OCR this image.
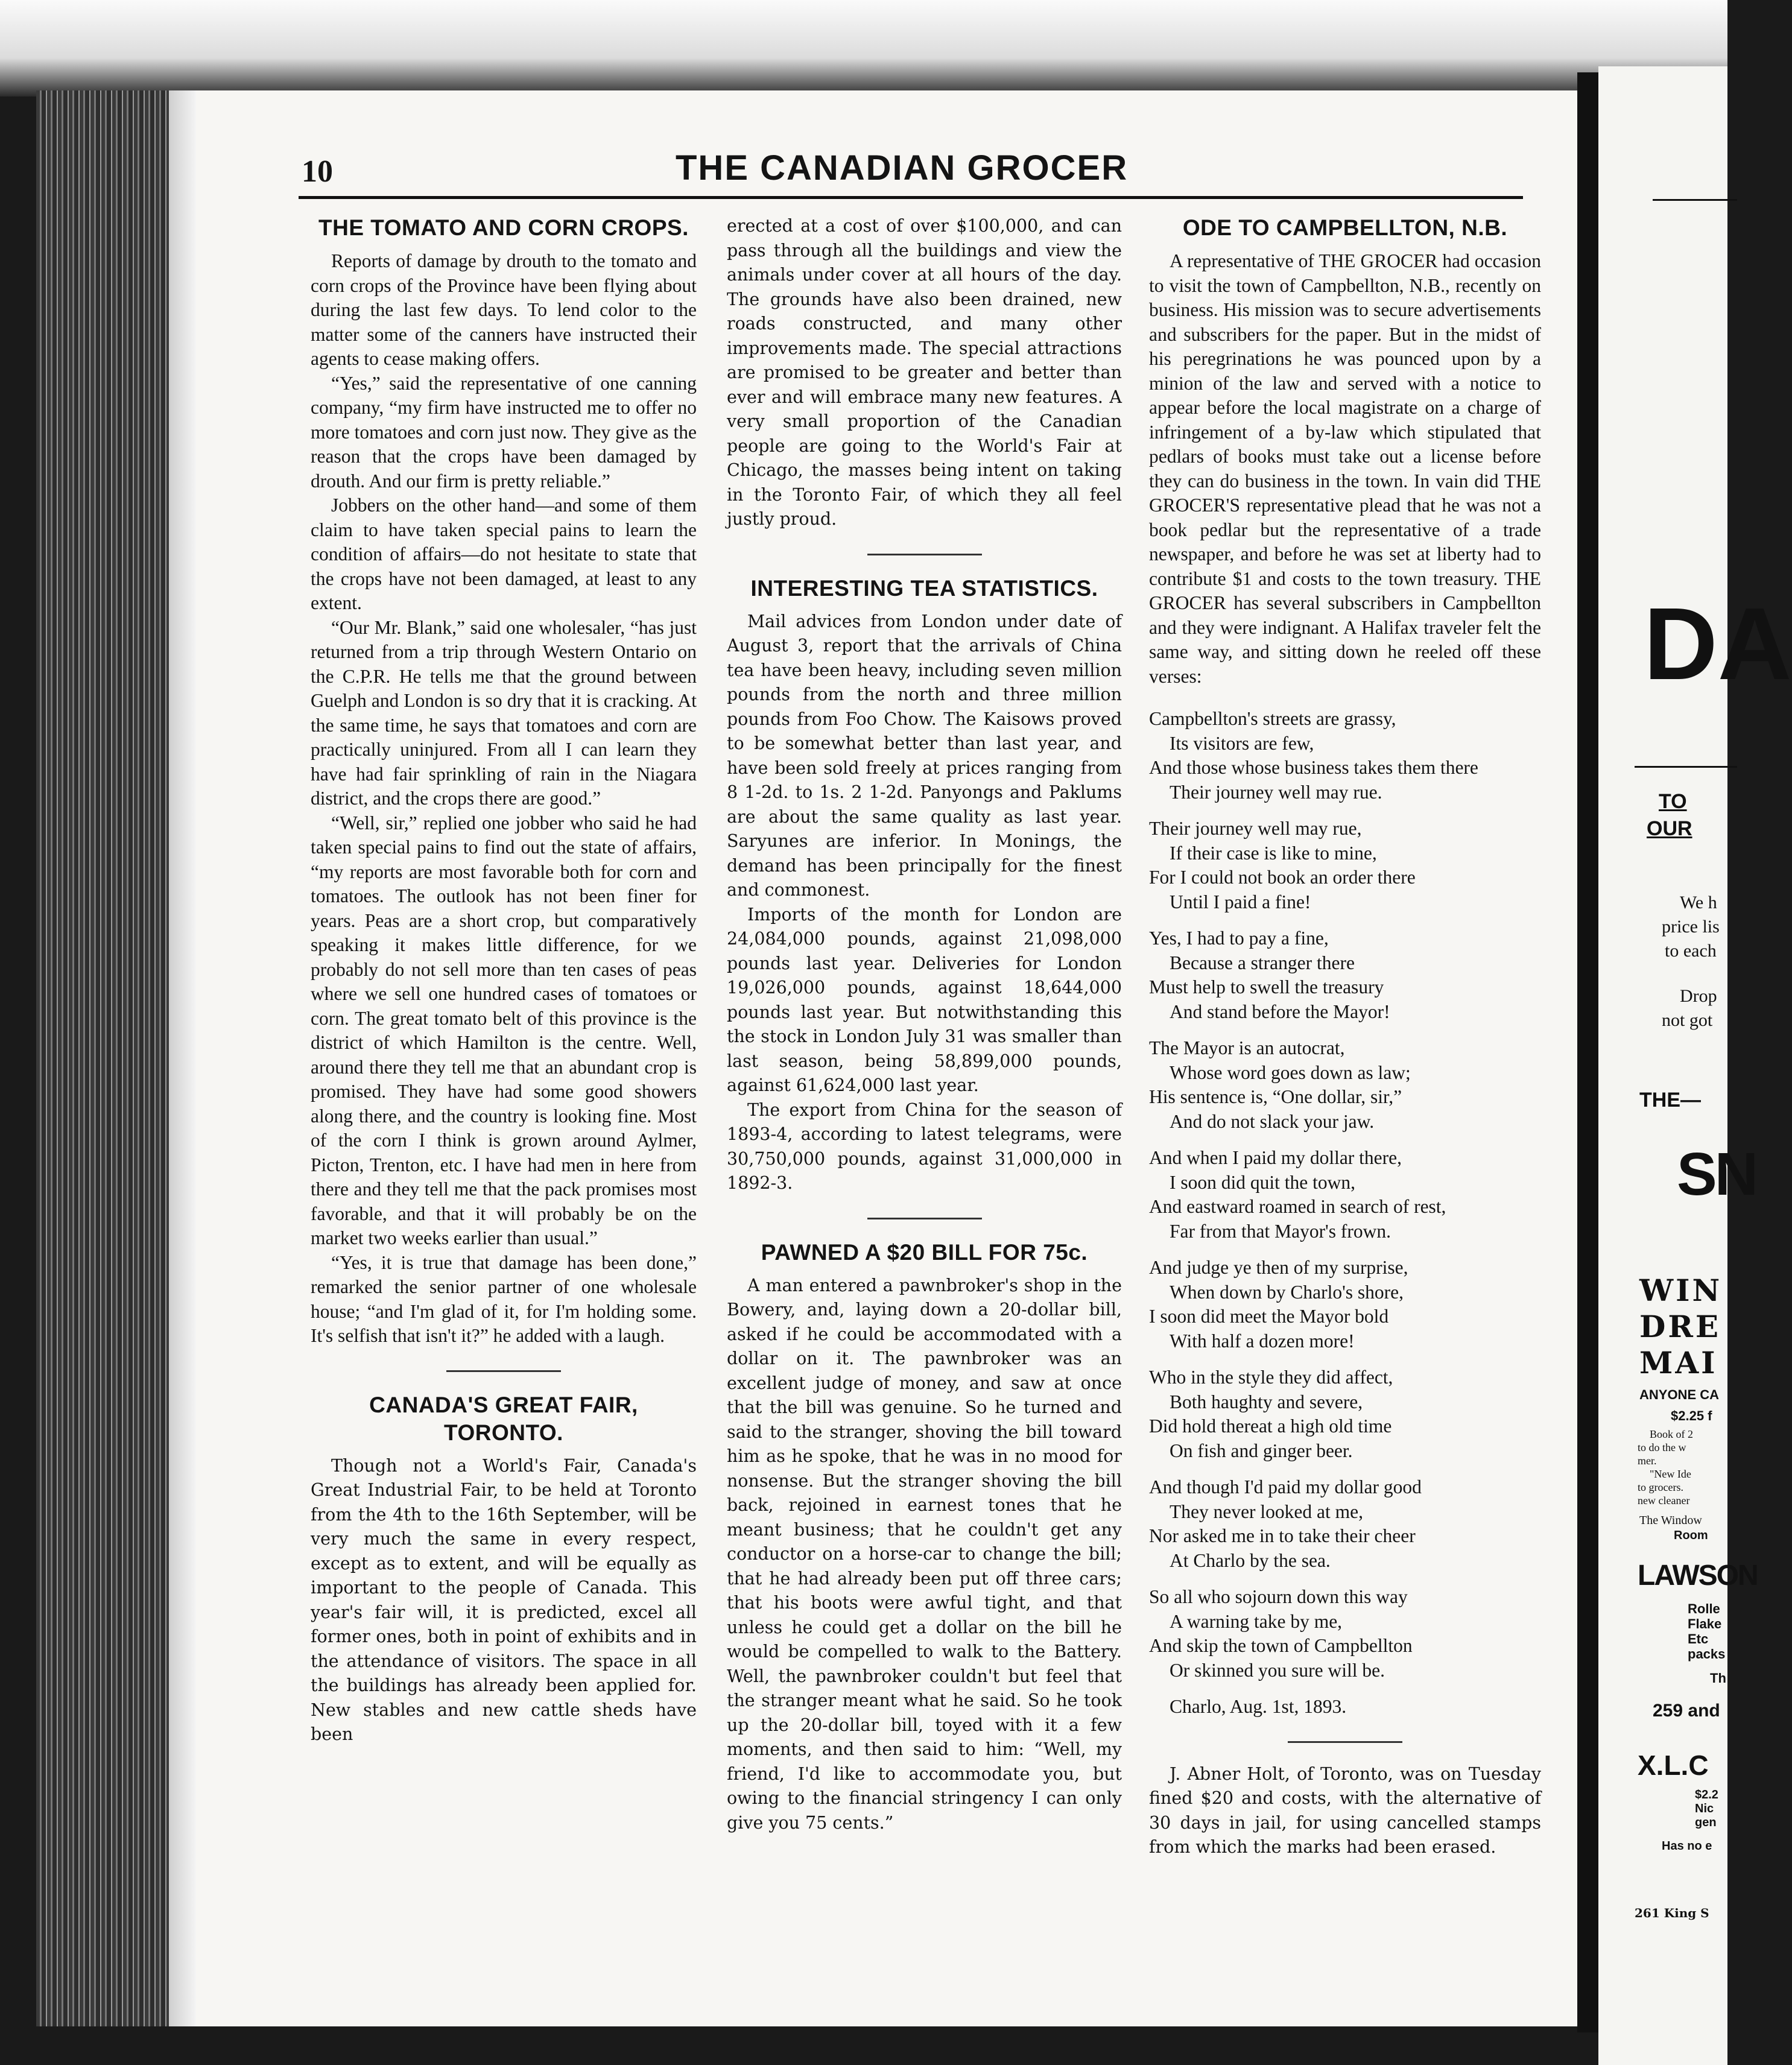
10	THE CANADIAN GROCER
THE TOMATO AND CORN CROPS.

Reports of damage by drouth to the tomato and corn crops of the Province have been flying about during the last few days. To lend color to the matter some of the canners have instructed their agents to cease making offers.

“Yes,” said the representative of one canning company, “my firm have instructed me to offer no more tomatoes and corn just now. They give as the reason that the crops have been damaged by drouth. And our firm is pretty reliable.”

Jobbers on the other hand—and some of them claim to have taken special pains to learn the condition of affairs—do not hesitate to state that the crops have not been damaged, at least to any extent.

“Our Mr. Blank,” said one wholesaler, “has just returned from a trip through Western Ontario on the C.P.R. He tells me that the ground between Guelph and London is so dry that it is cracking. At the same time, he says that tomatoes and corn are practically uninjured. From all I can learn they have had fair sprinkling of rain in the Niagara district, and the crops there are good.”

“Well, sir,” replied one jobber who said he had taken special pains to find out the state of affairs, “my reports are most favorable both for corn and tomatoes. The outlook has not been finer for years. Peas are a short crop, but comparatively speaking it makes little difference, for we probably do not sell more than ten cases of peas where we sell one hundred cases of tomatoes or corn. The great tomato belt of this province is the district of which Hamilton is the centre. Well, around there they tell me that an abundant crop is promised. They have had some good showers along there, and the country is looking fine. Most of the corn I think is grown around Aylmer, Picton, Trenton, etc. I have had men in here from there and they tell me that the pack promises most favorable, and that it will probably be on the market two weeks earlier than usual.”

“Yes, it is true that damage has been done,” remarked the senior partner of one wholesale house; “and I'm glad of it, for I'm holding some. It's selfish that isn't it?” he added with a laugh.

CANADA'S GREAT FAIR, TORONTO.

Though not a World's Fair, Canada's Great Industrial Fair, to be held at Toronto from the 4th to the 16th September, will be very much the same in every respect, except as to extent, and will be equally as important to the people of Canada. This year's fair will, it is predicted, excel all former ones, both in point of exhibits and in the attendance of visitors. The space in all the buildings has already been applied for. New stables and new cattle sheds have been

erected at a cost of over $100,000, and can pass through all the buildings and view the animals under cover at all hours of the day. The grounds have also been drained, new roads constructed, and many other improvements made. The special attractions are promised to be greater and better than ever and will embrace many new features. A very small proportion of the Canadian people are going to the World's Fair at Chicago, the masses being intent on taking in the Toronto Fair, of which they all feel justly proud.

INTERESTING TEA STATISTICS.

Mail advices from London under date of August 3, report that the arrivals of China tea have been heavy, including seven million pounds from the north and three million pounds from Foo Chow. The Kaisows proved to be somewhat better than last year, and have been sold freely at prices ranging from 8 1-2d. to 1s. 2 1-2d. Panyongs and Paklums are about the same quality as last year. Saryunes are inferior. In Monings, the demand has been principally for the finest and commonest.

Imports of the month for London are 24,084,000 pounds, against 21,098,000 pounds last year. Deliveries for London 19,026,000 pounds, against 18,644,000 pounds last year. But notwithstanding this the stock in London July 31 was smaller than last season, being 58,899,000 pounds, against 61,624,000 last year.

The export from China for the season of 1893-4, according to latest telegrams, were 30,750,000 pounds, against 31,000,000 in 1892-3.

PAWNED A $20 BILL FOR 75c.

A man entered a pawnbroker's shop in the Bowery, and, laying down a 20-dollar bill, asked if he could be accommodated with a dollar on it. The pawnbroker was an excellent judge of money, and saw at once that the bill was genuine. So he turned and said to the stranger, shoving the bill toward him as he spoke, that he was in no mood for nonsense. But the stranger shoving the bill back, rejoined in earnest tones that he meant business; that he couldn't get any conductor on a horse-car to change the bill; that he had already been put off three cars; that his boots were awful tight, and that unless he could get a dollar on the bill he would be compelled to walk to the Battery. Well, the pawnbroker couldn't but feel that the stranger meant what he said. So he took up the 20-dollar bill, toyed with it a few moments, and then said to him: “Well, my friend, I'd like to accommodate you, but owing to the financial stringency I can only give you 75 cents.”

ODE TO CAMPBELLTON, N.B.

A representative of THE GROCER had occasion to visit the town of Campbellton, N.B., recently on business. His mission was to secure advertisements and subscribers for the paper. But in the midst of his peregrinations he was pounced upon by a minion of the law and served with a notice to appear before the local magistrate on a charge of infringement of a by-law which stipulated that pedlars of books must take out a license before they can do business in the town. In vain did THE GROCER'S representative plead that he was not a book pedlar but the representative of a trade newspaper, and before he was set at liberty had to contribute $1 and costs to the town treasury. THE GROCER has several subscribers in Campbellton and they were indignant. A Halifax traveler felt the same way, and sitting down he reeled off these verses:

Campbellton's streets are grassy,
Its visitors are few,
And those whose business takes them there
Their journey well may rue.
Their journey well may rue,
If their case is like to mine,
For I could not book an order there
Until I paid a fine!
Yes, I had to pay a fine,
Because a stranger there
Must help to swell the treasury
And stand before the Mayor!
The Mayor is an autocrat,
Whose word goes down as law;
His sentence is, “One dollar, sir,”
And do not slack your jaw.
And when I paid my dollar there,
I soon did quit the town,
And eastward roamed in search of rest,
Far from that Mayor's frown.
And judge ye then of my surprise,
When down by Charlo's shore,
I soon did meet the Mayor bold
With half a dozen more!
Who in the style they did affect,
Both haughty and severe,
Did hold thereat a high old time
On fish and ginger beer.
And though I'd paid my dollar good
They never looked at me,
Nor asked me in to take their cheer
At Charlo by the sea.
So all who sojourn down this way
A warning take by me,
And skip the town of Campbellton
Or skinned you sure will be.

Charlo, Aug. 1st, 1893.

J. Abner Holt, of Toronto, was on Tuesday fined $20 and costs, with the alternative of 30 days in jail, for using cancelled stamps from which the marks had been erased.

DA
TO
OUR
We h
price lis
to each
Drop
not got
THE—
SN
WIN
DRE
MAI
ANYONE CA
$2.25 f
Book of 2
to do the w
mer.
"New Ide
to grocers.
new cleaner
The Window
Room
LAWSON
Rolle
Flake
Etc
packs
Th
259 and
X.L.C
$2.2
Nic
gen
Has no e
261 King S
